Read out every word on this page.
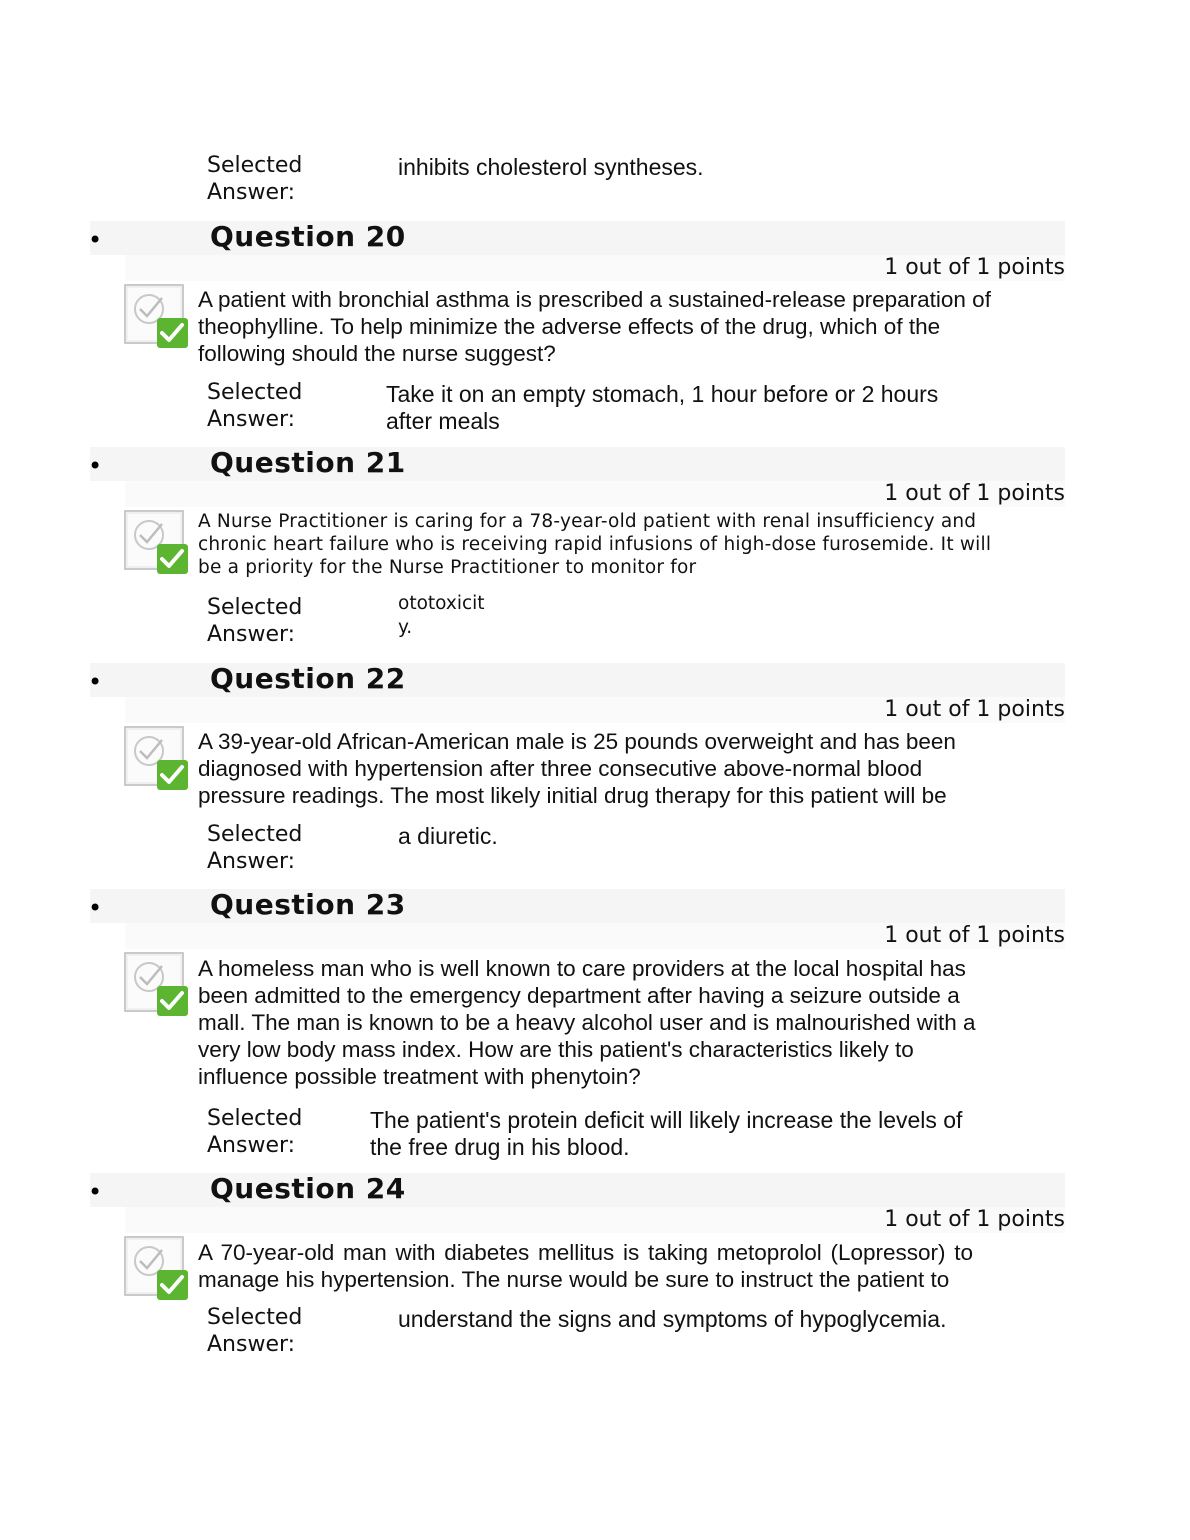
Selected
Answer:
inhibits cholesterol syntheses.
•	Question 20
1 out of 1 points
A patient with bronchial asthma is prescribed a sustained-release preparation of theophylline. To help minimize the adverse effects of the drug, which of the following should the nurse suggest?
Selected
Answer:
Take it on an empty stomach, 1 hour before or 2 hours after meals
•	Question 21
1 out of 1 points
A Nurse Practitioner is caring for a 78-year-old patient with renal insufficiency and chronic heart failure who is receiving rapid infusions of high-dose furosemide. It will be a priority for the Nurse Practitioner to monitor for
Selected
Answer:
ototoxicit
y.
•	Question 22
1 out of 1 points
A 39-year-old African-American male is 25 pounds overweight and has been diagnosed with hypertension after three consecutive above-normal blood pressure readings. The most likely initial drug therapy for this patient will be
Selected
Answer:
a diuretic.
•	Question 23
1 out of 1 points
A homeless man who is well known to care providers at the local hospital has been admitted to the emergency department after having a seizure outside a mall. The man is known to be a heavy alcohol user and is malnourished with a very low body mass index. How are this patient's characteristics likely to influence possible treatment with phenytoin?
Selected
Answer:
The patient's protein deficit will likely increase the levels of the free drug in his blood.
•	Question 24
1 out of 1 points
A 70-year-old man with diabetes mellitus is taking metoprolol (Lopressor) to manage his hypertension. The nurse would be sure to instruct the patient to
Selected
Answer:
understand the signs and symptoms of hypoglycemia.
